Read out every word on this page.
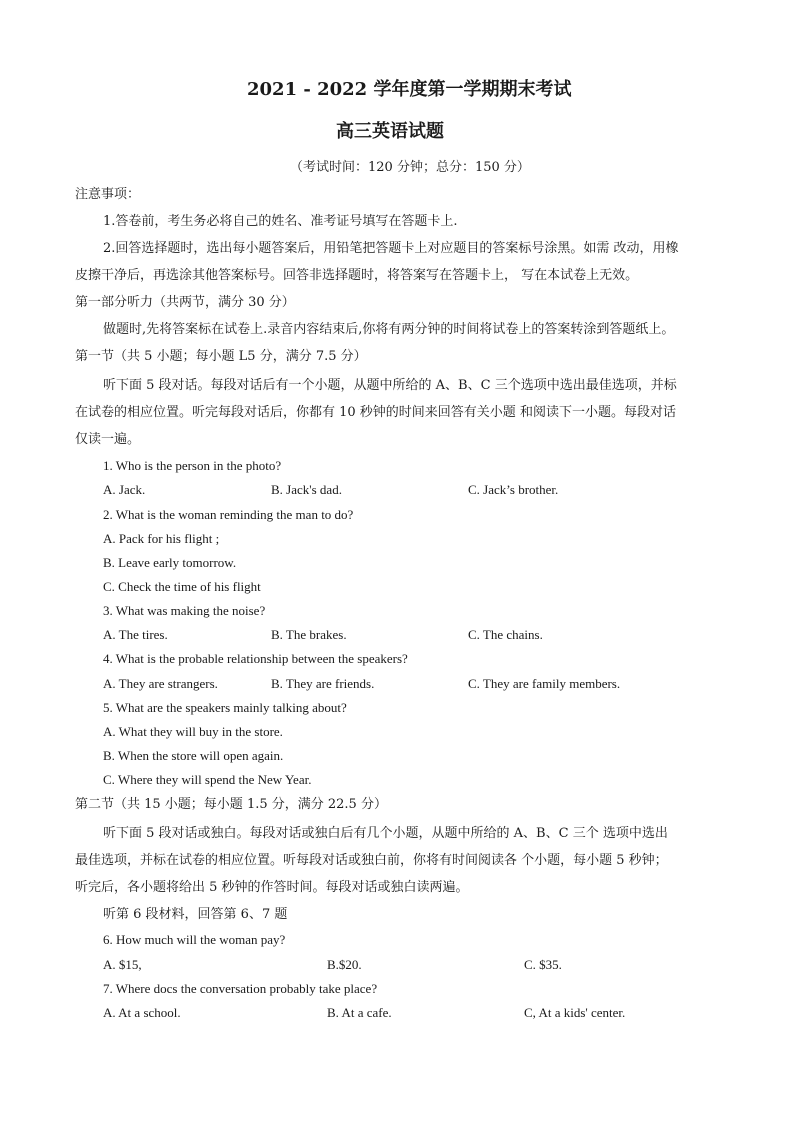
2021 - 2022 学年度第一学期期末考试
高三英语试题
（考试时间：120 分钟；总分：150 分）
注意事项：
1.答卷前，考生务必将自己的姓名、准考证号填写在答题卡上.
2.回答选择题时，选出每小题答案后，用铅笔把答题卡上对应题目的答案标号涂黑。如需 改动，用橡
皮擦干净后，再选涂其他答案标号。回答非选择题时，将答案写在答题卡上， 写在本试卷上无效。
第一部分听力（共两节，满分 30 分）
做题时,先将答案标在试卷上.录音内容结束后,你将有两分钟的时间将试卷上的答案转涂到答题纸上。
第一节（共 5 小题；每小题 L5 分，满分 7.5 分）
听下面 5 段对话。每段对话后有一个小题，从题中所给的 A、B、C 三个选项中选出最佳选项，并标
在试卷的相应位置。听完每段对话后，你都有 10 秒钟的时间来回答有关小题 和阅读下一小题。每段对话
仅读一遍。
1. Who is the person in the photo?
A. Jack.	B. Jack's dad.	C. Jack’s brother.
2. What is the woman reminding the man to do?
A. Pack for his flight ;
B. Leave early tomorrow.
C. Check the time of his flight
3. What was making the noise?
A. The tires.	B. The brakes.	C. The chains.
4. What is the probable relationship between the speakers?
A. They are strangers.	B. They are friends.	C. They are family members.
5. What are the speakers mainly talking about?
A. What they will buy in the store.
B. When the store will open again.
C. Where they will spend the New Year.
第二节（共 15 小题；每小题 1.5 分，满分 22.5 分）
听下面 5 段对话或独白。每段对话或独白后有几个小题，从题中所给的 A、B、C 三个 选项中选出
最佳选项，并标在试卷的相应位置。听每段对话或独白前，你将有时间阅读各 个小题，每小题 5 秒钟；
听完后，各小题将给出 5 秒钟的作答时间。每段对话或独白读两遍。
听第 6 段材料，回答第 6、7 题
6. How much will the woman pay?
A. $15,	B.$20.	C. $35.
7. Where docs the conversation probably take place?
A. At a school.	B. At a cafe.	C, At a kids' center.
